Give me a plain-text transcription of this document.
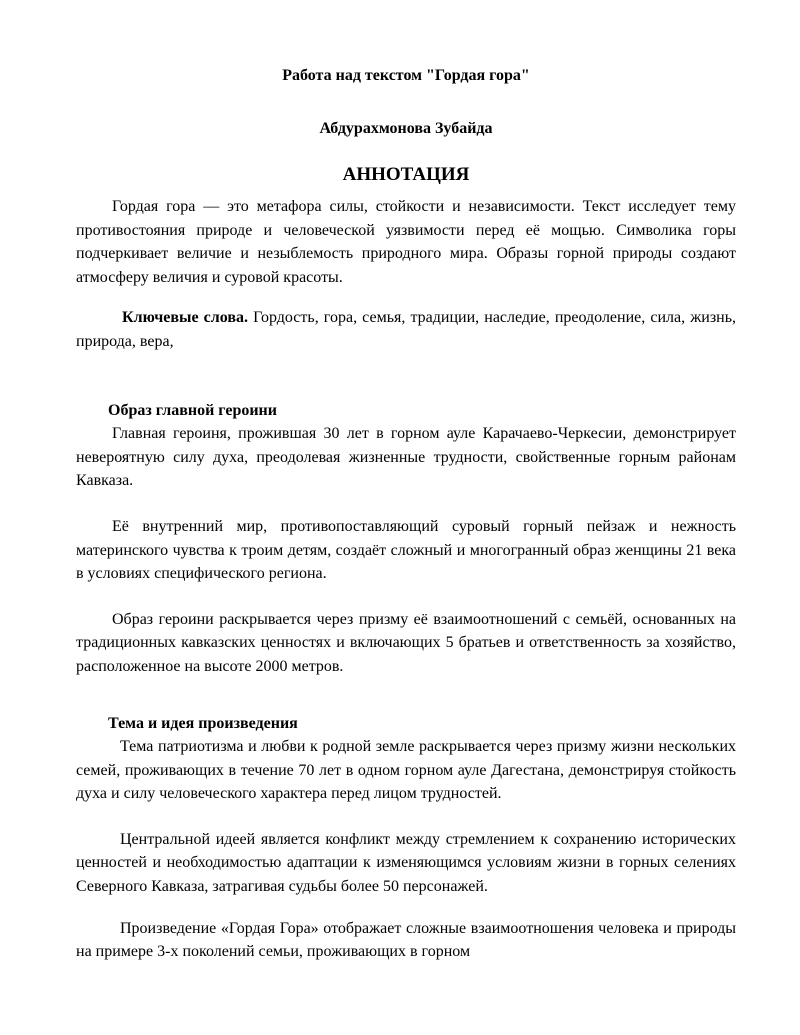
Работа над текстом "Гордая гора"

Абдурахмонова Зубайда

АННОТАЦИЯ

Гордая гора — это метафора силы, стойкости и независимости. Текст исследует тему противостояния природе и человеческой уязвимости перед её мощью. Символика горы подчеркивает величие и незыблемость природного мира. Образы горной природы создают атмосферу величия и суровой красоты.

Ключевые слова. Гордость, гора, семья, традиции, наследие, преодоление, сила, жизнь, природа, вера,

Образ главной героини

Главная героиня, прожившая 30 лет в горном ауле Карачаево-Черкесии, демонстрирует невероятную силу духа, преодолевая жизненные трудности, свойственные горным районам Кавказа.

Её внутренний мир, противопоставляющий суровый горный пейзаж и нежность материнского чувства к троим детям, создаёт сложный и многогранный образ женщины 21 века в условиях специфического региона.

Образ героини раскрывается через призму её взаимоотношений с семьёй, основанных на традиционных кавказских ценностях и включающих 5 братьев и ответственность за хозяйство, расположенное на высоте 2000 метров.

Тема и идея произведения

Тема патриотизма и любви к родной земле раскрывается через призму жизни нескольких семей, проживающих в течение 70 лет в одном горном ауле Дагестана, демонстрируя стойкость духа и силу человеческого характера перед лицом трудностей.

Центральной идеей является конфликт между стремлением к сохранению исторических ценностей и необходимостью адаптации к изменяющимся условиям жизни в горных селениях Северного Кавказа, затрагивая судьбы более 50 персонажей.

Произведение «Гордая Гора» отображает сложные взаимоотношения человека и природы на примере 3-х поколений семьи, проживающих в горном
